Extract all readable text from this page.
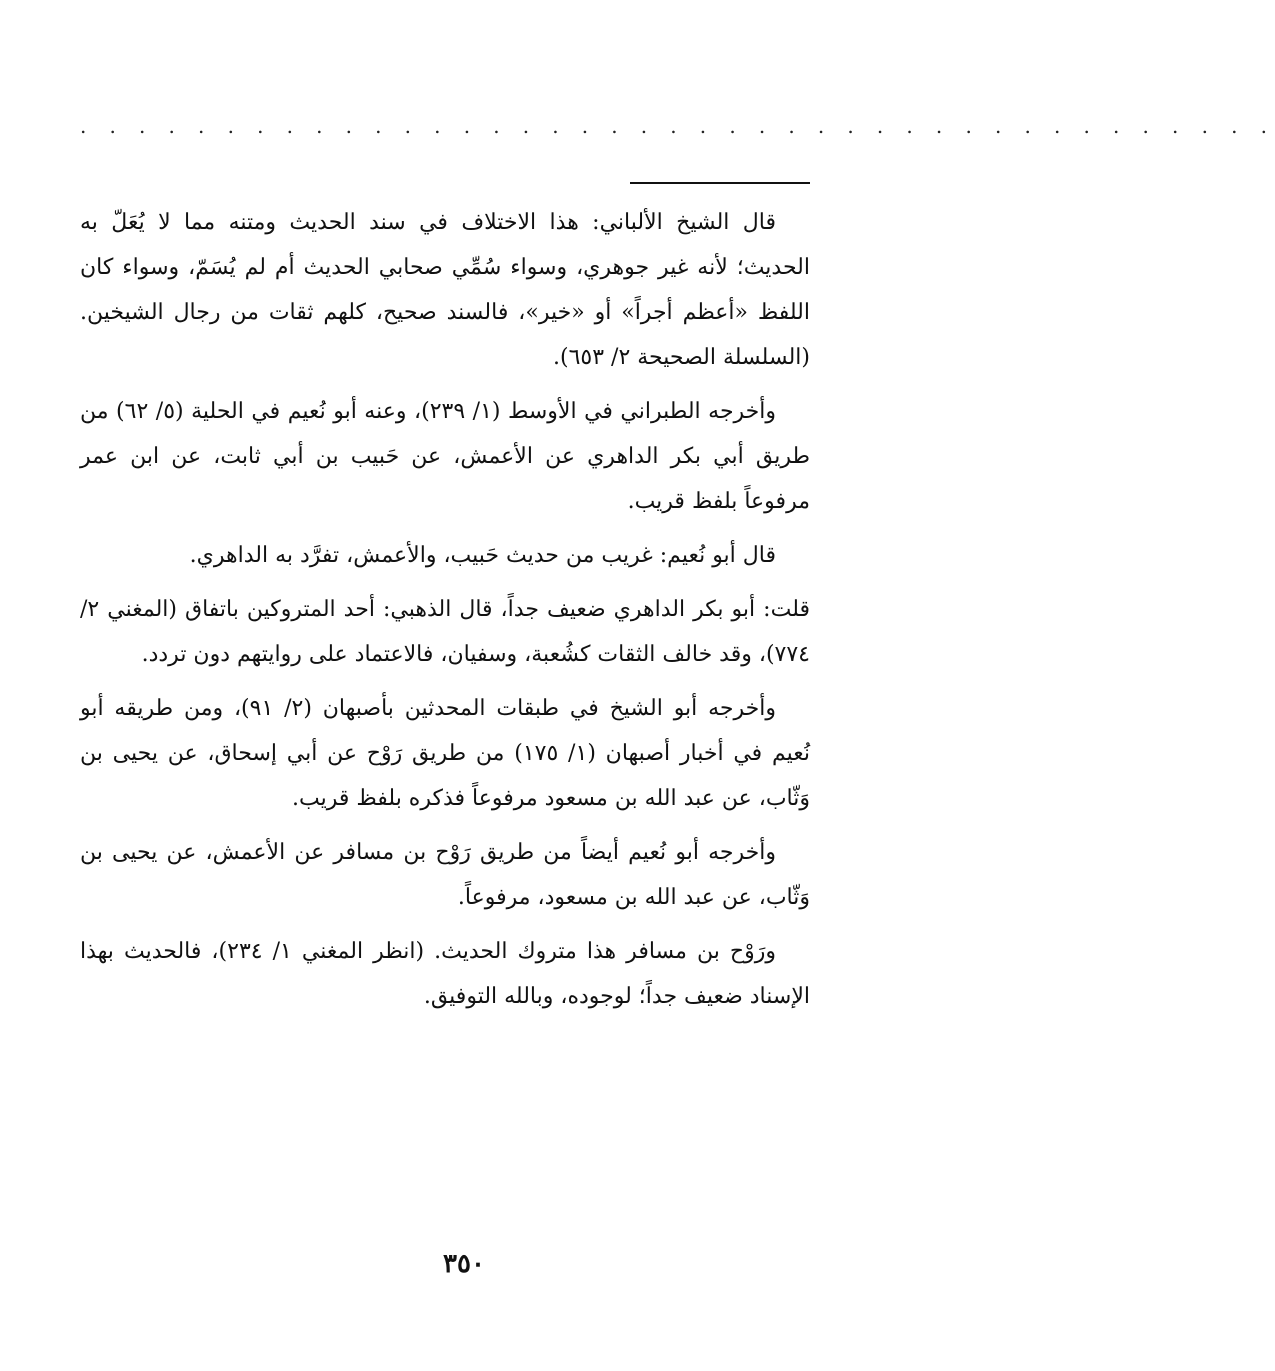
. . . . . . . . . . . . . . . . . . . . . . . . . . . . . . . . . . . . . . . . .

قال الشيخ الألباني: هذا الاختلاف في سند الحديث ومتنه مما لا يُعَلّ به الحديث؛ لأنه غير جوهري، وسواء سُمِّي صحابي الحديث أم لم يُسَمّ، وسواء كان اللفظ «أعظم أجراً» أو «خير»، فالسند صحيح، كلهم ثقات من رجال الشيخين. (السلسلة الصحيحة ٢/ ٦٥٣).

وأخرجه الطبراني في الأوسط (١/ ٢٣٩)، وعنه أبو نُعيم في الحلية (٥/ ٦٢) من طريق أبي بكر الداهري عن الأعمش، عن حَبيب بن أبي ثابت، عن ابن عمر مرفوعاً بلفظ قريب.

قال أبو نُعيم: غريب من حديث حَبيب، والأعمش، تفرَّد به الداهري.

قلت: أبو بكر الداهري ضعيف جداً، قال الذهبي: أحد المتروكين باتفاق (المغني ٢/ ٧٧٤)، وقد خالف الثقات كشُعبة، وسفيان، فالاعتماد على روايتهم دون تردد.

وأخرجه أبو الشيخ في طبقات المحدثين بأصبهان (٢/ ٩١)، ومن طريقه أبو نُعيم في أخبار أصبهان (١/ ١٧٥) من طريق رَوْح عن أبي إسحاق، عن يحيى بن وَثّاب، عن عبد الله بن مسعود مرفوعاً فذكره بلفظ قريب.

وأخرجه أبو نُعيم أيضاً من طريق رَوْح بن مسافر عن الأعمش، عن يحيى بن وَثّاب، عن عبد الله بن مسعود، مرفوعاً.

ورَوْح بن مسافر هذا متروك الحديث. (انظر المغني ١/ ٢٣٤)، فالحديث بهذا الإسناد ضعيف جداً؛ لوجوده، وبالله التوفيق.

٣٥٠
